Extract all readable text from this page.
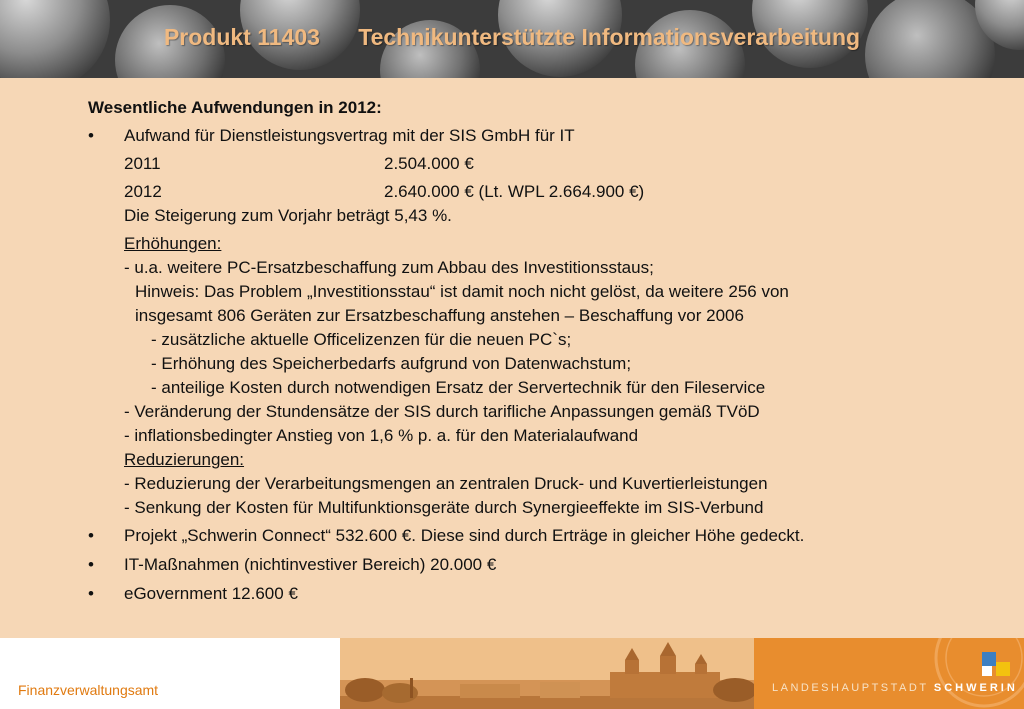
Produkt 11403 Technikunterstützte Informationsverarbeitung
Wesentliche Aufwendungen in 2012:
• Aufwand für Dienstleistungsvertrag mit der SIS GmbH für IT
2011	2.504.000 €
2012	2.640.000 € (Lt. WPL 2.664.900 €)
Die Steigerung zum Vorjahr beträgt 5,43 %.
Erhöhungen:
- u.a. weitere PC-Ersatzbeschaffung zum Abbau des Investitionsstaus;
Hinweis: Das Problem „Investitionsstau“ ist damit noch nicht gelöst, da weitere 256 von
insgesamt 806 Geräten zur Ersatzbeschaffung anstehen – Beschaffung vor 2006
- zusätzliche aktuelle Officelizenzen für die neuen PC`s;
- Erhöhung des Speicherbedarfs aufgrund von Datenwachstum;
- anteilige Kosten durch notwendigen Ersatz der Servertechnik für den Fileservice
- Veränderung der Stundensätze der SIS durch tarifliche Anpassungen gemäß TVöD
- inflationsbedingter Anstieg von 1,6 % p. a. für den Materialaufwand
Reduzierungen:
- Reduzierung der Verarbeitungsmengen an zentralen Druck- und Kuvertierleistungen
- Senkung der Kosten für Multifunktionsgeräte durch Synergieeffekte im SIS-Verbund
• Projekt „Schwerin Connect“ 532.600 €. Diese sind durch Erträge in gleicher Höhe gedeckt.
• IT-Maßnahmen (nichtinvestiver Bereich) 20.000 €
• eGovernment 12.600 €
Finanzverwaltungsamt	LANDESHAUPTSTADT SCHWERIN
